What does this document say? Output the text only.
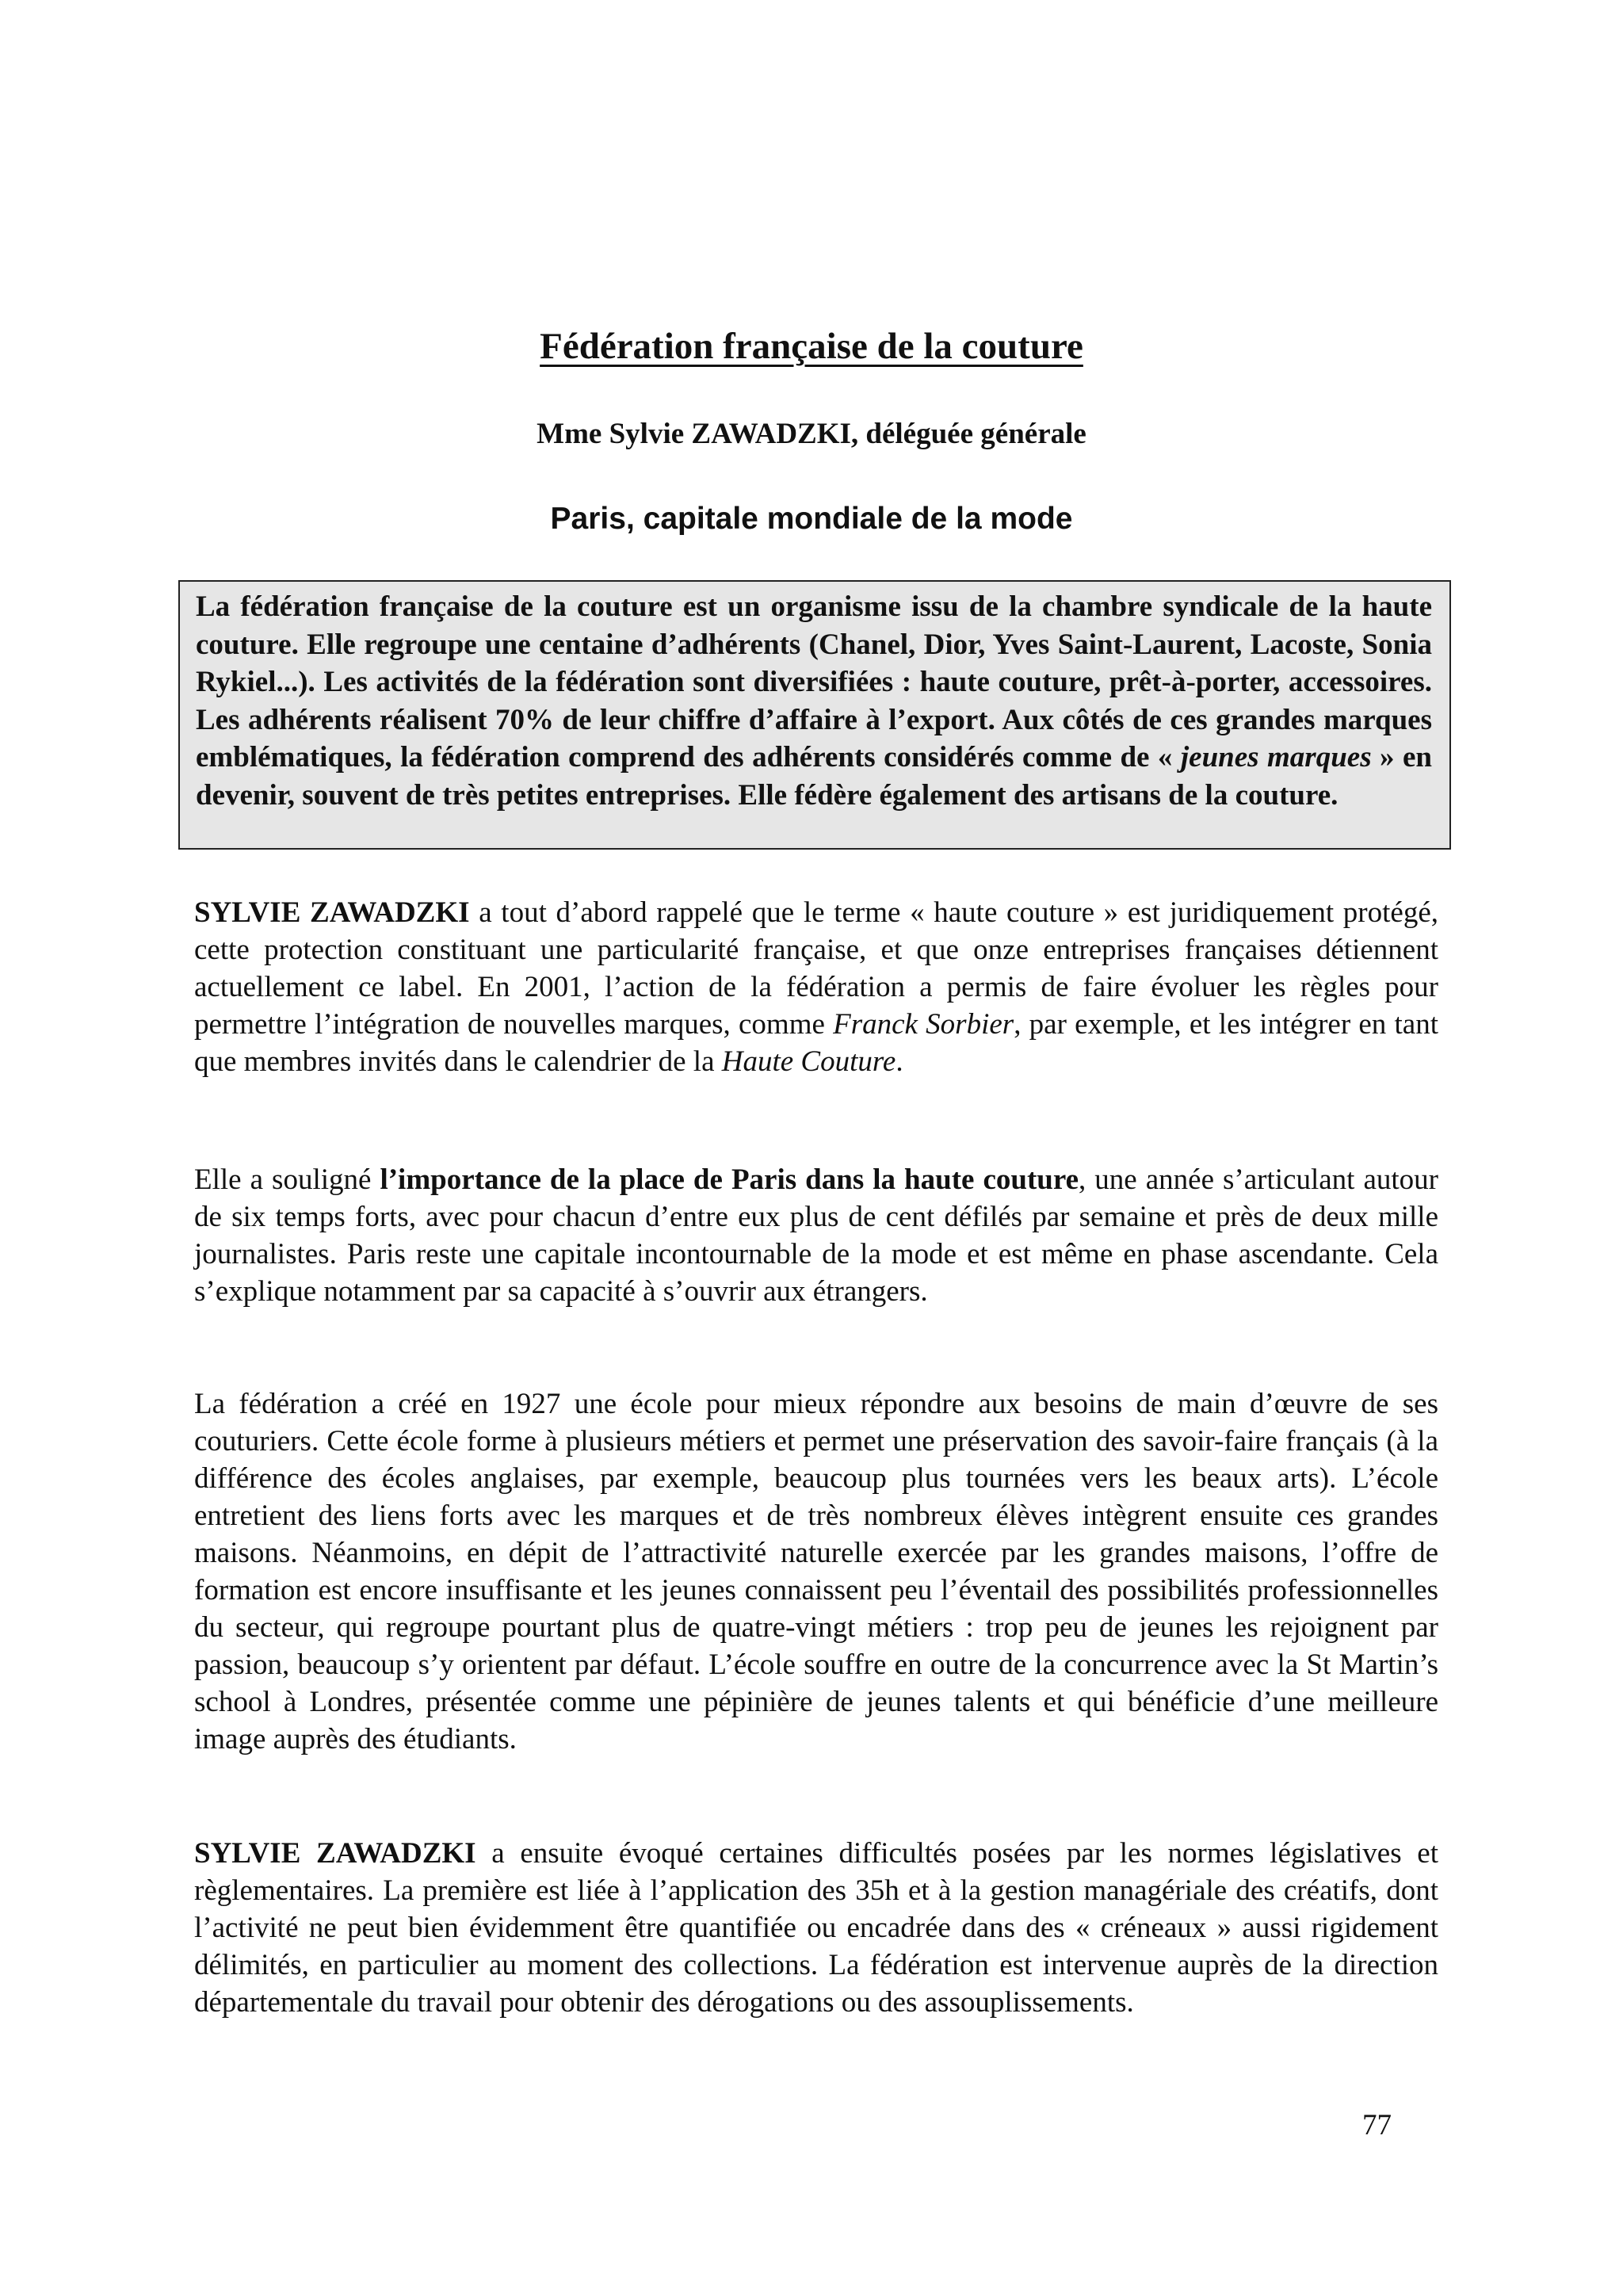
Fédération française de la couture
Mme Sylvie ZAWADZKI, déléguée générale
Paris, capitale mondiale de la mode
La fédération française de la couture est un organisme issu de la chambre syndicale de la haute couture. Elle regroupe une centaine d’adhérents (Chanel, Dior, Yves Saint-Laurent, Lacoste, Sonia Rykiel...). Les activités de la fédération sont diversifiées : haute couture, prêt-à-porter, accessoires. Les adhérents réalisent 70% de leur chiffre d’affaire à l’export. Aux côtés de ces grandes marques emblématiques, la fédération comprend des adhérents considérés comme de « jeunes marques » en devenir, souvent de très petites entreprises. Elle fédère également des artisans de la couture.
SYLVIE ZAWADZKI a tout d’abord rappelé que le terme « haute couture » est juridiquement protégé, cette protection constituant une particularité française, et que onze entreprises françaises détiennent actuellement ce label. En 2001, l’action de la fédération a permis de faire évoluer les règles pour permettre l’intégration de nouvelles marques, comme Franck Sorbier, par exemple, et les intégrer en tant que membres invités dans le calendrier de la Haute Couture.
Elle a souligné l’importance de la place de Paris dans la haute couture, une année s’articulant autour de six temps forts, avec pour chacun d’entre eux plus de cent défilés par semaine et près de deux mille journalistes. Paris reste une capitale incontournable de la mode et est même en phase ascendante. Cela s’explique notamment par sa capacité à s’ouvrir aux étrangers.
La fédération a créé en 1927 une école pour mieux répondre aux besoins de main d’œuvre de ses couturiers. Cette école forme à plusieurs métiers et permet une préservation des savoir-faire français (à la différence des écoles anglaises, par exemple, beaucoup plus tournées vers les beaux arts). L’école entretient des liens forts avec les marques et de très nombreux élèves intègrent ensuite ces grandes maisons. Néanmoins, en dépit de l’attractivité naturelle exercée par les grandes maisons, l’offre de formation est encore insuffisante et les jeunes connaissent peu l’éventail des possibilités professionnelles du secteur, qui regroupe pourtant plus de quatre-vingt métiers : trop peu de jeunes les rejoignent par passion, beaucoup s’y orientent par défaut. L’école souffre en outre de la concurrence avec la St Martin’s school à Londres, présentée comme une pépinière de jeunes talents et qui bénéficie d’une meilleure image auprès des étudiants.
SYLVIE ZAWADZKI a ensuite évoqué certaines difficultés posées par les normes législatives et règlementaires. La première est liée à l’application des 35h et à la gestion managériale des créatifs, dont l’activité ne peut bien évidemment être quantifiée ou encadrée dans des « créneaux » aussi rigidement délimités, en particulier au moment des collections. La fédération est intervenue auprès de la direction départementale du travail pour obtenir des dérogations ou des assouplissements.
77
